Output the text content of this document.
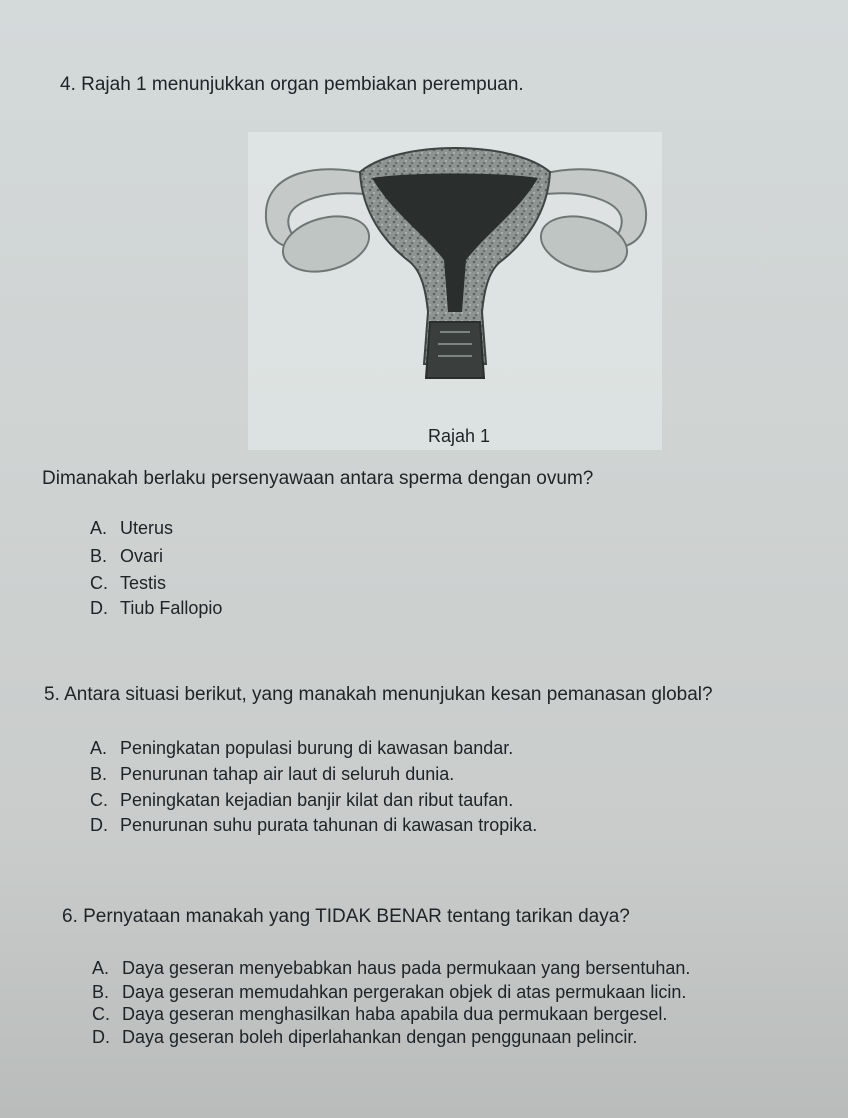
4. Rajah 1 menunjukkan organ pembiakan perempuan.
Rajah 1
Dimanakah berlaku persenyawaan antara sperma dengan ovum?
A. Uterus
B. Ovari
C. Testis
D. Tiub Fallopio
5. Antara situasi berikut, yang manakah menunjukan kesan pemanasan global?
A. Peningkatan populasi burung di kawasan bandar.
B. Penurunan tahap air laut di seluruh dunia.
C. Peningkatan kejadian banjir kilat dan ribut taufan.
D. Penurunan suhu purata tahunan di kawasan tropika.
6. Pernyataan manakah yang TIDAK BENAR tentang tarikan daya?
A. Daya geseran menyebabkan haus pada permukaan yang bersentuhan.
B. Daya geseran memudahkan pergerakan objek di atas permukaan licin.
C. Daya geseran menghasilkan haba apabila dua permukaan bergesel.
D. Daya geseran boleh diperlahankan dengan penggunaan pelincir.
